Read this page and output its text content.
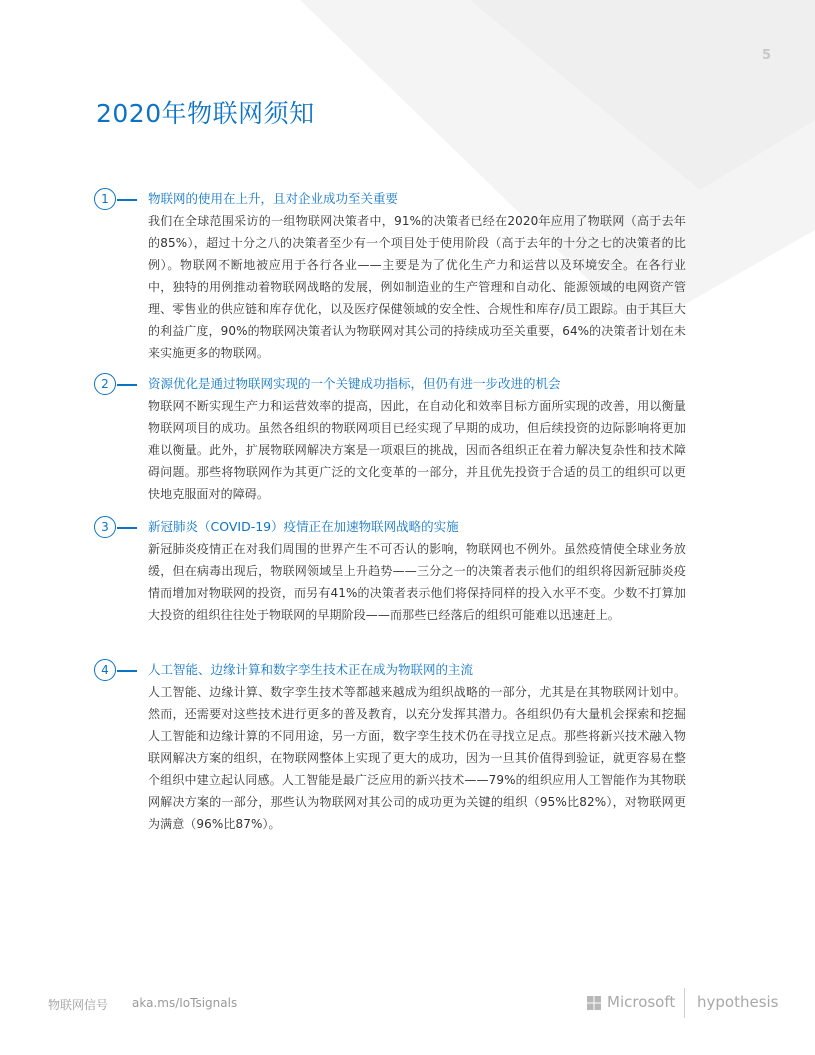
5
2020年物联网须知
1	物联网的使用在上升，且对企业成功至关重要

我们在全球范围采访的一组物联网决策者中，91%的决策者已经在2020年应用了物联网（高于去年的85%），超过十分之八的决策者至少有一个项目处于使用阶段（高于去年的十分之七的决策者的比例）。物联网不断地被应用于各行各业——主要是为了优化生产力和运营以及环境安全。在各行业中，独特的用例推动着物联网战略的发展，例如制造业的生产管理和自动化、能源领域的电网资产管理、零售业的供应链和库存优化，以及医疗保健领域的安全性、合规性和库存/员工跟踪。由于其巨大的利益广度，90%的物联网决策者认为物联网对其公司的持续成功至关重要，64%的决策者计划在未来实施更多的物联网。

2	资源优化是通过物联网实现的一个关键成功指标，但仍有进一步改进的机会

物联网不断实现生产力和运营效率的提高，因此，在自动化和效率目标方面所实现的改善，用以衡量物联网项目的成功。虽然各组织的物联网项目已经实现了早期的成功，但后续投资的边际影响将更加难以衡量。此外，扩展物联网解决方案是一项艰巨的挑战，因而各组织正在着力解决复杂性和技术障碍问题。那些将物联网作为其更广泛的文化变革的一部分，并且优先投资于合适的员工的组织可以更快地克服面对的障碍。

3	新冠肺炎（COVID-19）疫情正在加速物联网战略的实施

新冠肺炎疫情正在对我们周围的世界产生不可否认的影响，物联网也不例外。虽然疫情使全球业务放缓，但在病毒出现后，物联网领域呈上升趋势——三分之一的决策者表示他们的组织将因新冠肺炎疫情而增加对物联网的投资，而另有41%的决策者表示他们将保持同样的投入水平不变。少数不打算加大投资的组织往往处于物联网的早期阶段——而那些已经落后的组织可能难以迅速赶上。

4	人工智能、边缘计算和数字孪生技术正在成为物联网的主流

人工智能、边缘计算、数字孪生技术等都越来越成为组织战略的一部分，尤其是在其物联网计划中。然而，还需要对这些技术进行更多的普及教育，以充分发挥其潜力。各组织仍有大量机会探索和挖掘人工智能和边缘计算的不同用途，另一方面，数字孪生技术仍在寻找立足点。那些将新兴技术融入物联网解决方案的组织，在物联网整体上实现了更大的成功，因为一旦其价值得到验证，就更容易在整个组织中建立起认同感。人工智能是最广泛应用的新兴技术——79%的组织应用人工智能作为其物联网解决方案的一部分，那些认为物联网对其公司的成功更为关键的组织（95%比82%），对物联网更为满意（96%比87%）。

物联网信号 aka.ms/IoTsignals	Microsoft hypothesis
